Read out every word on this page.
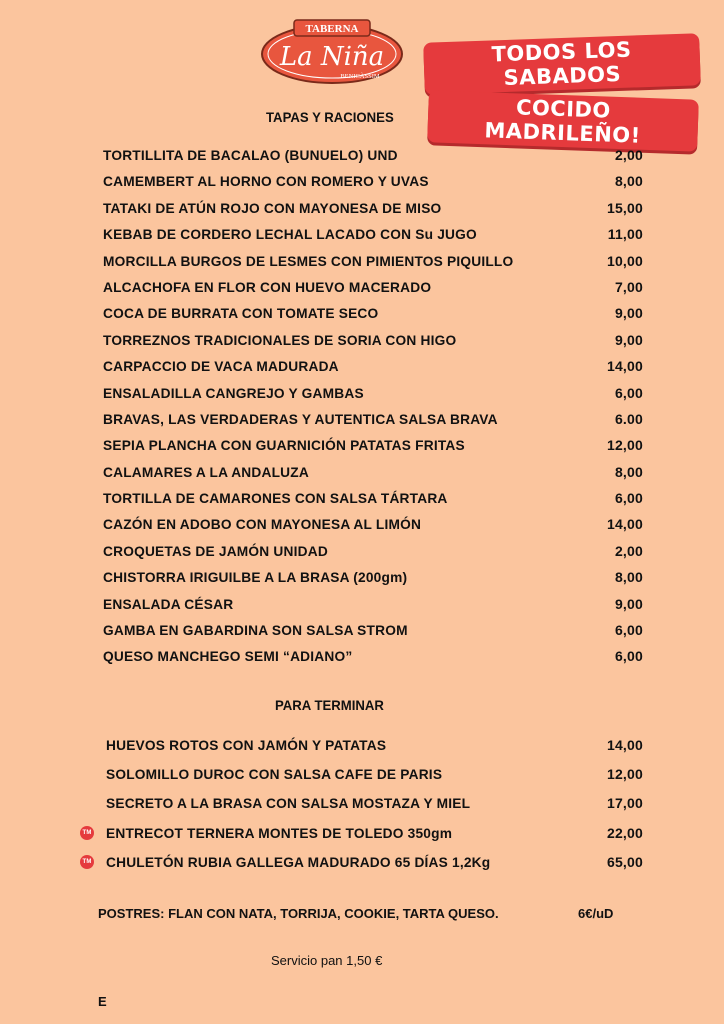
TABERNA
La Niña
BENICÀSSIM
TODOS LOS SABADOS
COCIDO MADRILEÑO!
TAPAS Y RACIONES
TORTILLITA DE BACALAO (BUNUELO) UND	2,00
CAMEMBERT AL HORNO CON ROMERO Y UVAS	8,00
TATAKI DE ATÚN ROJO CON MAYONESA DE MISO	15,00
KEBAB DE CORDERO LECHAL LACADO CON Su JUGO	11,00
MORCILLA BURGOS DE LESMES CON PIMIENTOS PIQUILLO	10,00
ALCACHOFA EN FLOR CON HUEVO MACERADO	7,00
COCA DE BURRATA CON TOMATE SECO	9,00
TORREZNOS TRADICIONALES DE SORIA CON HIGO	9,00
CARPACCIO DE VACA MADURADA	14,00
ENSALADILLA CANGREJO Y GAMBAS	6,00
BRAVAS, LAS VERDADERAS Y AUTENTICA SALSA BRAVA	6.00
SEPIA PLANCHA CON GUARNICIÓN PATATAS FRITAS	12,00
CALAMARES A LA ANDALUZA	8,00
TORTILLA DE CAMARONES CON SALSA TÁRTARA	6,00
CAZÓN EN ADOBO CON MAYONESA AL LIMÓN	14,00
CROQUETAS DE JAMÓN UNIDAD	2,00
CHISTORRA IRIGUILBE A LA BRASA (200gm)	8,00
ENSALADA CÉSAR	9,00
GAMBA EN GABARDINA SON SALSA STROM	6,00
QUESO MANCHEGO SEMI “ADIANO”	6,00
PARA TERMINAR
HUEVOS ROTOS CON JAMÓN Y PATATAS	14,00
SOLOMILLO DUROC CON SALSA CAFE DE PARIS	12,00
SECRETO A LA BRASA CON SALSA MOSTAZA Y MIEL	17,00
TM ENTRECOT TERNERA MONTES DE TOLEDO 350gm	22,00
TM CHULETÓN RUBIA GALLEGA MADURADO 65 DÍAS 1,2Kg	65,00
POSTRES: FLAN CON NATA, TORRIJA, COOKIE, TARTA QUESO.	6€/uD
Servicio pan 1,50 €
E
